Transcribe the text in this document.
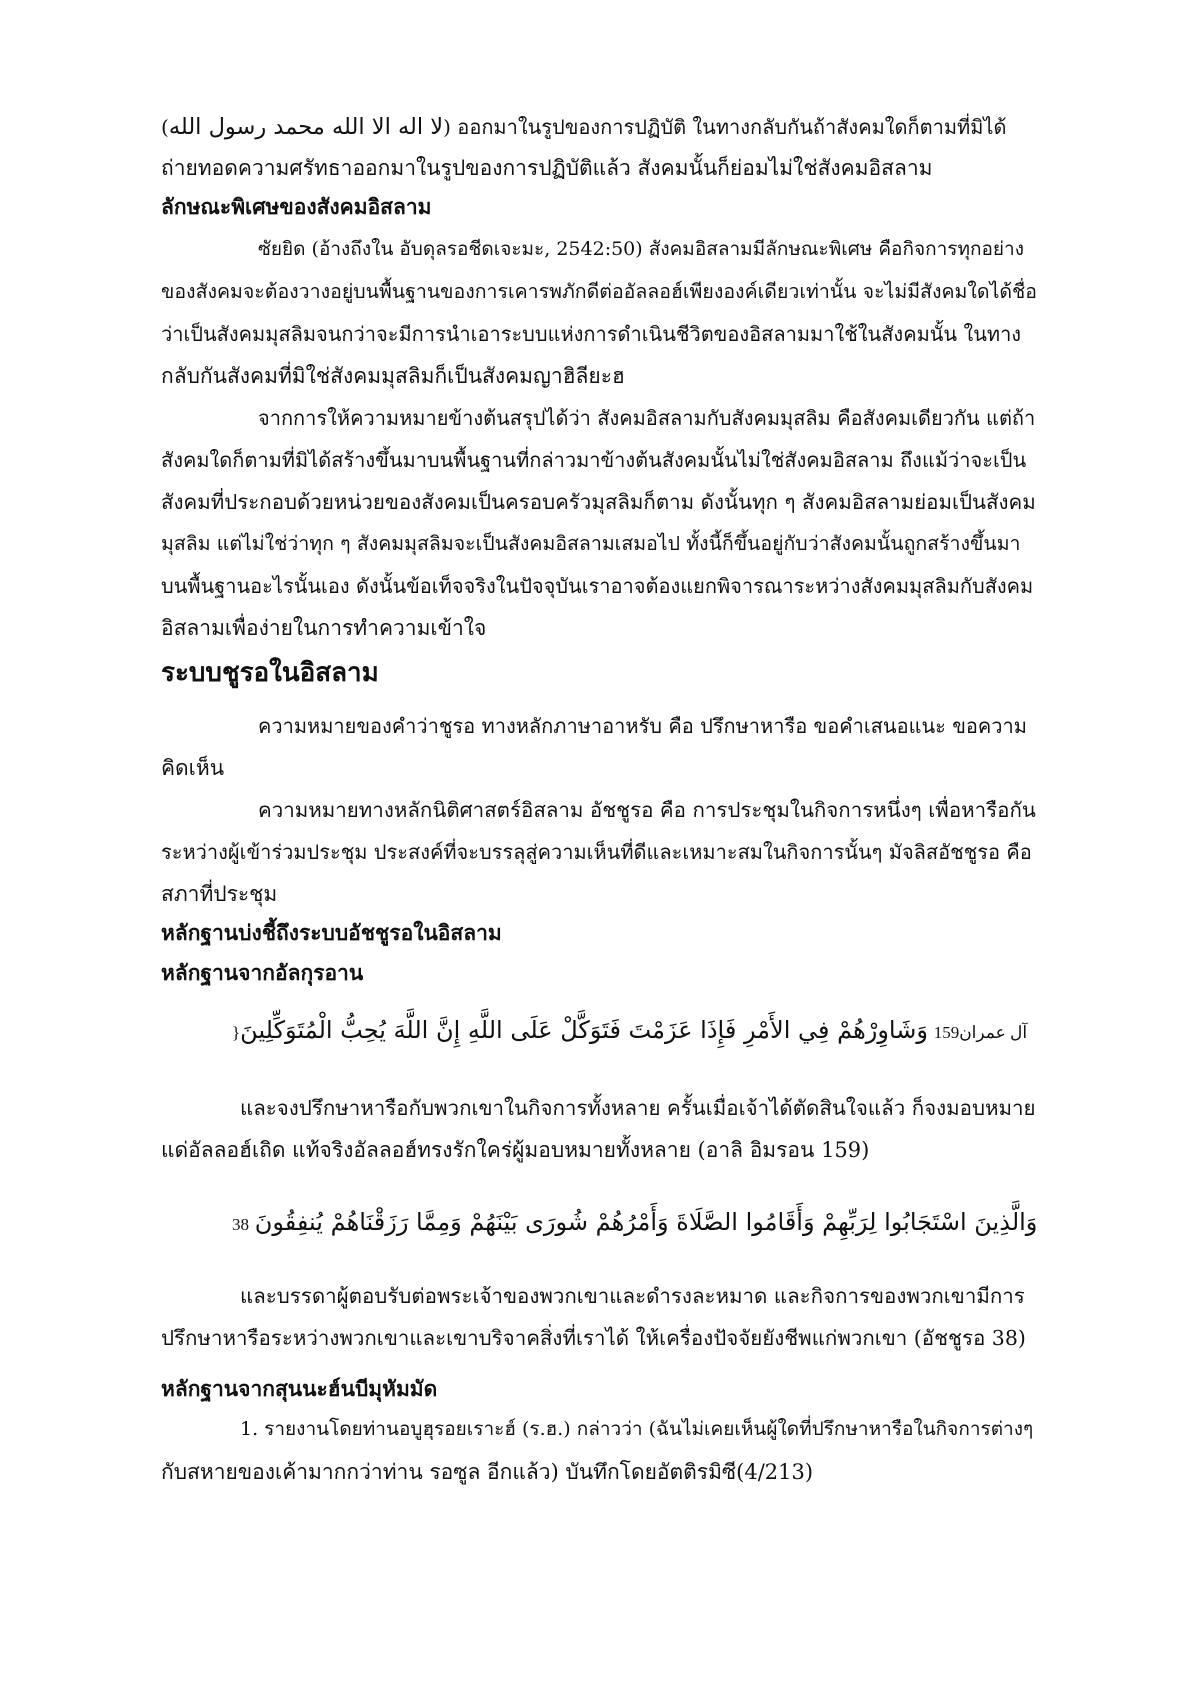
(لا اله الا الله محمد رسول الله) ออกมาในรูปของการปฏิบัติ ในทางกลับกันถ้าสังคมใดก็ตามที่มิได้
ถ่ายทอดความศรัทธาออกมาในรูปของการปฏิบัติแล้ว สังคมนั้นก็ย่อมไม่ใช่สังคมอิสลาม
ลักษณะพิเศษของสังคมอิสลาม
ซัยยิด (อ้างถึงใน อับดุลรอชีดเจะมะ, 2542:50) สังคมอิสลามมีลักษณะพิเศษ คือกิจการทุกอย่าง
ของสังคมจะต้องวางอยู่บนพื้นฐานของการเคารพภักดีต่ออัลลอฮ์เพียงองค์เดียวเท่านั้น จะไม่มีสังคมใดได้ชื่อ
ว่าเป็นสังคมมุสลิมจนกว่าจะมีการนำเอาระบบแห่งการดำเนินชีวิตของอิสลามมาใช้ในสังคมนั้น ในทาง
กลับกันสังคมที่มิใช่สังคมมุสลิมก็เป็นสังคมญาฮิลียะฮ
จากการให้ความหมายข้างต้นสรุปได้ว่า สังคมอิสลามกับสังคมมุสลิม คือสังคมเดียวกัน แต่ถ้า
สังคมใดก็ตามที่มิได้สร้างขึ้นมาบนพื้นฐานที่กล่าวมาข้างต้นสังคมนั้นไม่ใช่สังคมอิสลาม ถึงแม้ว่าจะเป็น
สังคมที่ประกอบด้วยหน่วยของสังคมเป็นครอบครัวมุสลิมก็ตาม ดังนั้นทุก ๆ สังคมอิสลามย่อมเป็นสังคม
มุสลิม แต่ไม่ใช่ว่าทุก ๆ สังคมมุสลิมจะเป็นสังคมอิสลามเสมอไป ทั้งนี้ก็ขึ้นอยู่กับว่าสังคมนั้นถูกสร้างขึ้นมา
บนพื้นฐานอะไรนั้นเอง ดังนั้นข้อเท็จจริงในปัจจุบันเราอาจต้องแยกพิจารณาระหว่างสังคมมุสลิมกับสังคม
อิสลามเพื่อง่ายในการทำความเข้าใจ
ระบบชูรอในอิสลาม
ความหมายของคำว่าชูรอ ทางหลักภาษาอาหรับ คือ ปรึกษาหารือ ขอคำเสนอแนะ ขอความ
คิดเห็น
ความหมายทางหลักนิติศาสตร์อิสลาม อัชชูรอ คือ การประชุมในกิจการหนึ่งๆ เพื่อหารือกัน
ระหว่างผู้เข้าร่วมประชุม ประสงค์ที่จะบรรลุสู่ความเห็นที่ดีและเหมาะสมในกิจการนั้นๆ มัจลิสอัชชูรอ คือ
สภาที่ประชุม
หลักฐานบ่งชี้ถึงระบบอัชชูรอในอิสลาม
หลักฐานจากอัลกุรอาน
}آل عمران159 وَشَاوِرْهُمْ فِي الأَمْرِ فَإِذَا عَزَمْتَ فَتَوَكَّلْ عَلَى اللَّهِ إِنَّ اللَّهَ يُحِبُّ الْمُتَوَكِّلِينَ
และจงปรึกษาหารือกับพวกเขาในกิจการทั้งหลาย ครั้นเมื่อเจ้าได้ตัดสินใจแล้ว ก็จงมอบหมาย
แด่อัลลอฮ์เถิด แท้จริงอัลลอฮ์ทรงรักใคร่ผู้มอบหมายทั้งหลาย (อาลิ อิมรอน 159)
38 وَالَّذِينَ اسْتَجَابُوا لِرَبِّهِمْ وَأَقَامُوا الصَّلَاةَ وَأَمْرُهُمْ شُورَى بَيْنَهُمْ وَمِمَّا رَزَقْنَاهُمْ يُنفِقُونَ
และบรรดาผู้ตอบรับต่อพระเจ้าของพวกเขาและดำรงละหมาด และกิจการของพวกเขามีการ
ปรึกษาหารือระหว่างพวกเขาและเขาบริจาคสิ่งที่เราได้ ให้เครื่องปัจจัยยังชีพแก่พวกเขา (อัชชูรอ 38)
หลักฐานจากสุนนะฮ์นบีมุหัมมัด
1. รายงานโดยท่านอบูฮุรอยเราะฮ์ (ร.ฮ.) กล่าวว่า (ฉันไม่เคยเห็นผู้ใดที่ปรึกษาหารือในกิจการต่างๆ
กับสหายของเค้ามากกว่าท่าน รอซูล อีกแล้ว) บันทึกโดยอัตติรมิซี(4/213)
